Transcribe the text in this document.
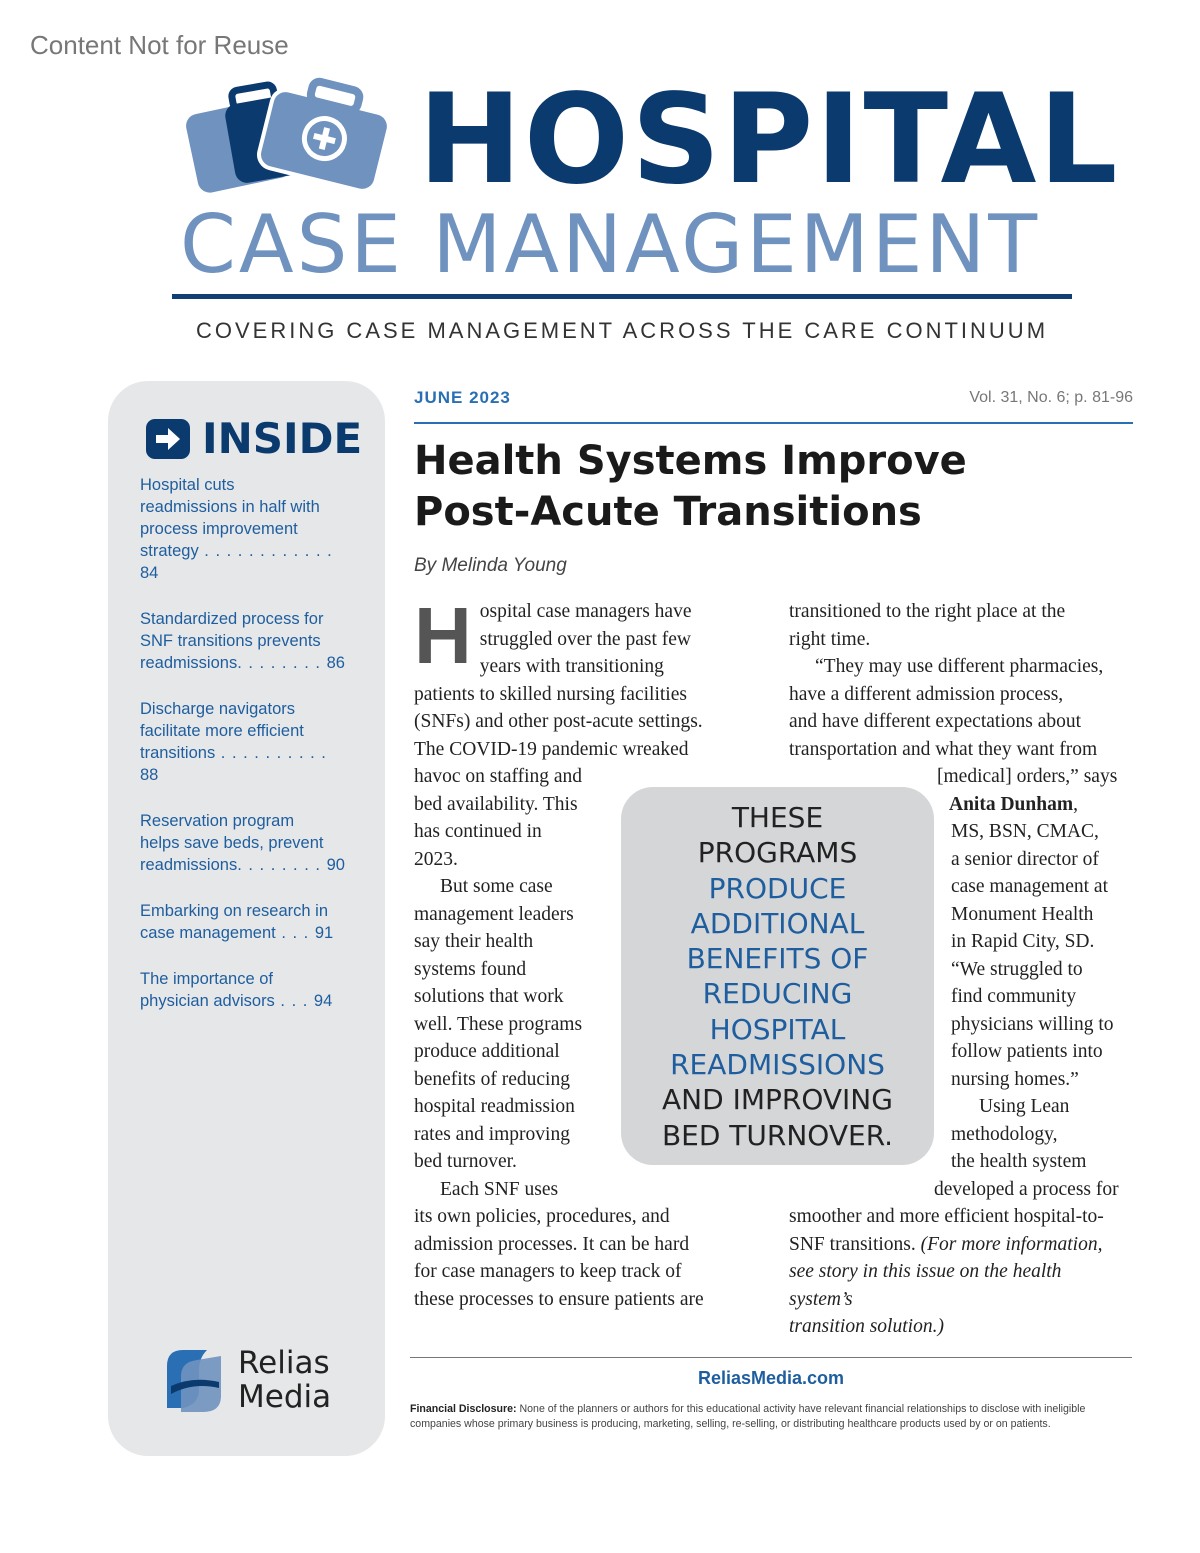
Content Not for Reuse
HOSPITAL
CASE MANAGEMENT
COVERING CASE MANAGEMENT ACROSS THE CARE CONTINUUM
INSIDE
Hospital cuts
readmissions in half with
process improvement
strategy . . . . . . . . . . . . 84
Standardized process for
SNF transitions prevents
readmissions. . . . . . . . 86
Discharge navigators
facilitate more efficient
transitions . . . . . . . . . . 88
Reservation program
helps save beds, prevent
readmissions. . . . . . . . 90
Embarking on research in
case management . . . 91
The importance of
physician advisors . . . 94
Relias
Media
JUNE 2023	Vol. 31, No. 6; p. 81-96
Health Systems Improve
Post-Acute Transitions
By Melinda Young
H ospital case managers have
struggled over the past few
years with transitioning
patients to skilled nursing facilities
(SNFs) and other post-acute settings.
The COVID-19 pandemic wreaked
havoc on staffing and
bed availability. This
has continued in
2023.
But some case
management leaders
say their health
systems found
solutions that work
well. These programs
produce additional
benefits of reducing
hospital readmission
rates and improving
bed turnover.
Each SNF uses
its own policies, procedures, and
admission processes. It can be hard
for case managers to keep track of
these processes to ensure patients are
transitioned to the right place at the
right time.
“They may use different pharmacies,
have a different admission process,
and have different expectations about
transportation and what they want from
[medical] orders,” says
Anita Dunham,
MS, BSN, CMAC,
a senior director of
case management at
Monument Health
in Rapid City, SD.
“We struggled to
find community
physicians willing to
follow patients into
nursing homes.”
Using Lean
methodology,
the health system
developed a process for
smoother and more efficient hospital-to-
SNF transitions. (For more information,
see story in this issue on the health system’s
transition solution.)
THESE
PROGRAMS
PRODUCE
ADDITIONAL
BENEFITS OF
REDUCING
HOSPITAL
READMISSIONS
AND IMPROVING
BED TURNOVER.
ReliasMedia.com
Financial Disclosure: None of the planners or authors for this educational activity have relevant financial relationships to disclose with ineligible companies whose primary business is producing, marketing, selling, re-selling, or distributing healthcare products used by or on patients.
